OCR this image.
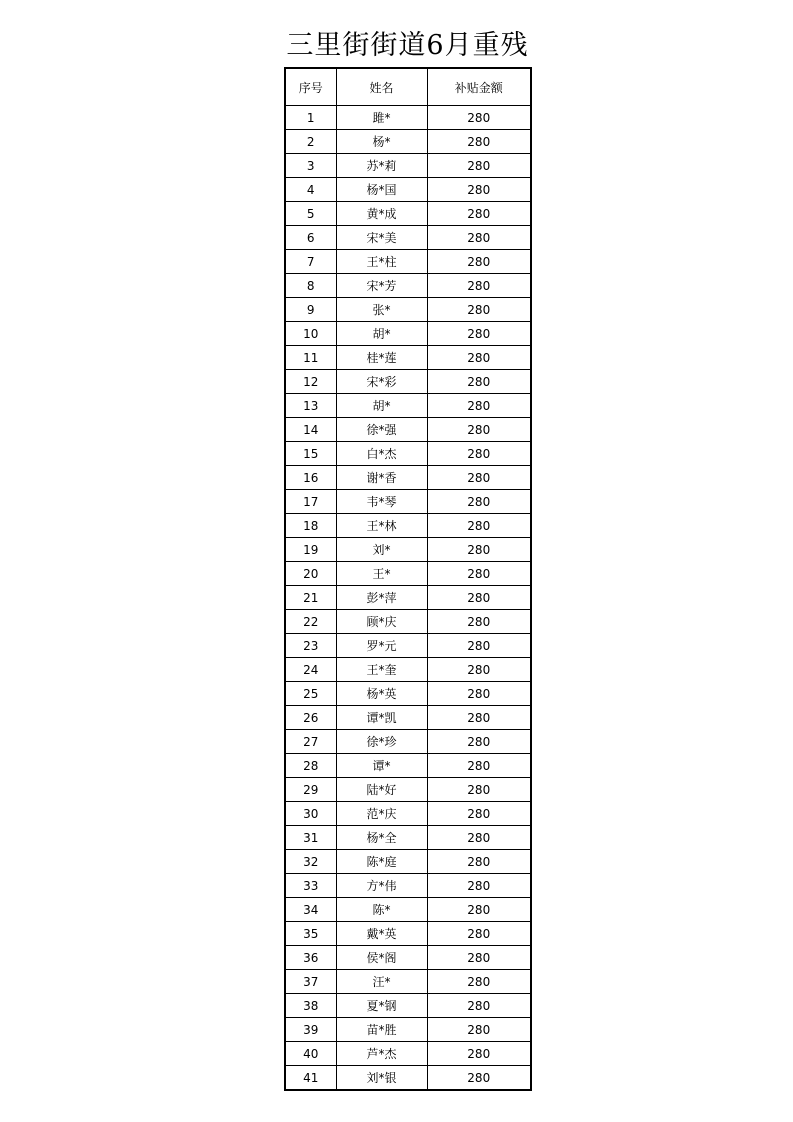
三里街街道6月重残
序号	姓名	补贴金额
1	雎*	280
2	杨*	280
3	苏*莉	280
4	杨*国	280
5	黄*成	280
6	宋*美	280
7	王*柱	280
8	宋*芳	280
9	张*	280
10	胡*	280
11	桂*莲	280
12	宋*彩	280
13	胡*	280
14	徐*强	280
15	白*杰	280
16	谢*香	280
17	韦*琴	280
18	王*林	280
19	刘*	280
20	王*	280
21	彭*萍	280
22	顾*庆	280
23	罗*元	280
24	王*奎	280
25	杨*英	280
26	谭*凯	280
27	徐*珍	280
28	谭*	280
29	陆*好	280
30	范*庆	280
31	杨*全	280
32	陈*庭	280
33	方*伟	280
34	陈*	280
35	戴*英	280
36	侯*阁	280
37	汪*	280
38	夏*钢	280
39	苗*胜	280
40	芦*杰	280
41	刘*银	280
